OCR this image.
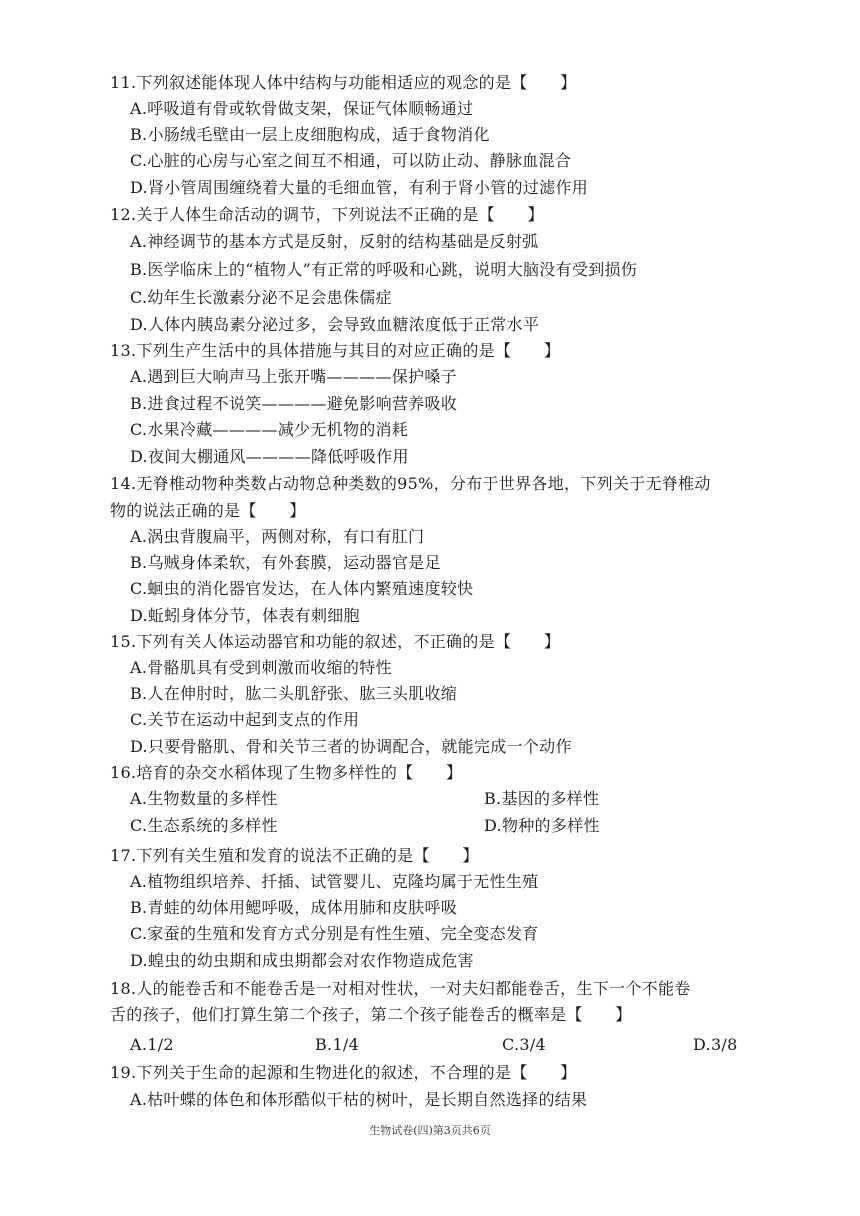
11.下列叙述能体现人体中结构与功能相适应的观念的是【　　】
A.呼吸道有骨或软骨做支架，保证气体顺畅通过
B.小肠绒毛壁由一层上皮细胞构成，适于食物消化
C.心脏的心房与心室之间互不相通，可以防止动、静脉血混合
D.肾小管周围缠绕着大量的毛细血管，有利于肾小管的过滤作用
12.关于人体生命活动的调节，下列说法不正确的是【　　】
A.神经调节的基本方式是反射，反射的结构基础是反射弧
B.医学临床上的“植物人”有正常的呼吸和心跳，说明大脑没有受到损伤
C.幼年生长激素分泌不足会患侏儒症
D.人体内胰岛素分泌过多，会导致血糖浓度低于正常水平
13.下列生产生活中的具体措施与其目的对应正确的是【　　】
A.遇到巨大响声马上张开嘴————保护嗓子
B.进食过程不说笑————避免影响营养吸收
C.水果冷藏————减少无机物的消耗
D.夜间大棚通风————降低呼吸作用
14.无脊椎动物种类数占动物总种类数的95%，分布于世界各地，下列关于无脊椎动
物的说法正确的是【　　】
A.涡虫背腹扁平，两侧对称，有口有肛门
B.乌贼身体柔软，有外套膜，运动器官是足
C.蛔虫的消化器官发达，在人体内繁殖速度较快
D.蚯蚓身体分节，体表有刺细胞
15.下列有关人体运动器官和功能的叙述，不正确的是【　　】
A.骨骼肌具有受到刺激而收缩的特性
B.人在伸肘时，肱二头肌舒张、肱三头肌收缩
C.关节在运动中起到支点的作用
D.只要骨骼肌、骨和关节三者的协调配合，就能完成一个动作
16.培育的杂交水稻体现了生物多样性的【　　】
A.生物数量的多样性	B.基因的多样性
C.生态系统的多样性	D.物种的多样性
17.下列有关生殖和发育的说法不正确的是【　　】
A.植物组织培养、扦插、试管婴儿、克隆均属于无性生殖
B.青蛙的幼体用鳃呼吸，成体用肺和皮肤呼吸
C.家蚕的生殖和发育方式分别是有性生殖、完全变态发育
D.蝗虫的幼虫期和成虫期都会对农作物造成危害
18.人的能卷舌和不能卷舌是一对相对性状，一对夫妇都能卷舌，生下一个不能卷
舌的孩子，他们打算生第二个孩子，第二个孩子能卷舌的概率是【　　】
A.1/2	B.1/4	C.3/4	D.3/8
19.下列关于生命的起源和生物进化的叙述，不合理的是【　　】
A.枯叶蝶的体色和体形酷似干枯的树叶，是长期自然选择的结果
生物试卷(四)第3页共6页
